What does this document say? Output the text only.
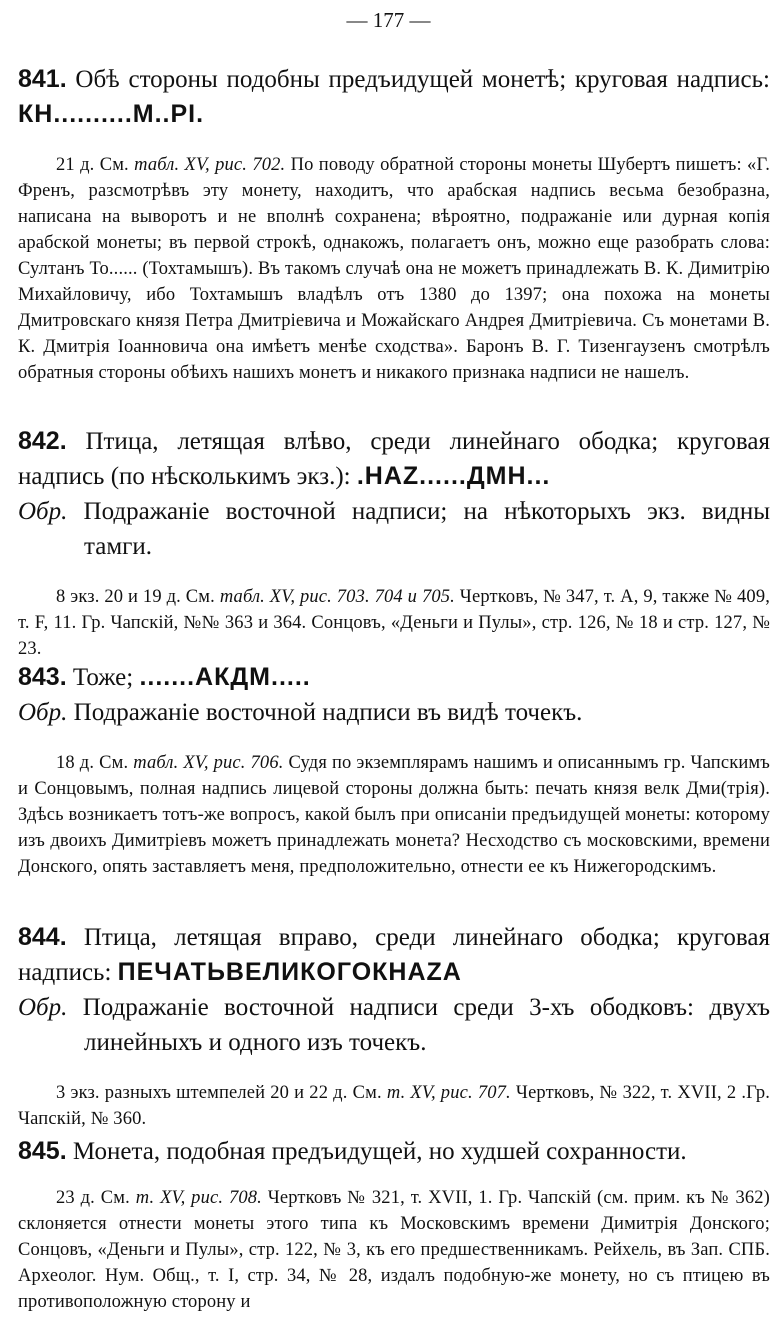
— 177 —

841. Обѣ стороны подобны предъидущей монетѣ; круговая надпись: КН..........М..РІ.

21 д. См. табл. XV, рис. 702. По поводу обратной стороны монеты Шубертъ пишетъ: «Г. Френъ, разсмотрѣвъ эту монету, находитъ, что арабская надпись весьма безобразна, написана на выворотъ и не вполнѣ сохранена; вѣроятно, подражаніе или дурная копія арабской монеты; въ первой строкѣ, однакожъ, полагаетъ онъ, можно еще разобрать слова: Султанъ То...... (Тохтамышъ). Въ такомъ случаѣ она не можетъ принадлежать В. К. Димитрію Михайловичу, ибо Тохтамышъ владѣлъ отъ 1380 до 1397; она похожа на монеты Дмитровскаго князя Петра Дмитріевича и Можайскаго Андрея Дмитріевича. Съ монетами В. К. Дмитрія Іоанновича она имѣетъ менѣе сходства». Баронъ В. Г. Тизенгаузенъ смотрѣлъ обратныя стороны обѣихъ нашихъ монетъ и никакого признака надписи не нашелъ.

842. Птица, летящая влѣво, среди линейнаго ободка; круговая надпись (по нѣсколькимъ экз.): .НАZ......ДМН...

Обр. Подражаніе восточной надписи; на нѣкоторыхъ экз. видны тамги.

8 экз. 20 и 19 д. См. табл. XV, рис. 703. 704 и 705. Чертковъ, № 347, т. А, 9, также № 409, т. F, 11. Гр. Чапскій, №№ 363 и 364. Сонцовъ, «Деньги и Пулы», стр. 126, № 18 и стр. 127, № 23.

843. Тоже; .......АКДМ.....

Обр. Подражаніе восточной надписи въ видѣ точекъ.

18 д. См. табл. XV, рис. 706. Судя по экземплярамъ нашимъ и описаннымъ гр. Чапскимъ и Сонцовымъ, полная надпись лицевой стороны должна быть: печать князя велк Дми(трія). Здѣсь возникаетъ тотъ-же вопросъ, какой былъ при описаніи предъидущей монеты: которому изъ двоихъ Димитріевъ можетъ принадлежать монета? Несходство съ московскими, времени Донского, опять заставляетъ меня, предположительно, отнести ее къ Нижегородскимъ.

844. Птица, летящая вправо, среди линейнаго ободка; круговая надпись: ПЕЧАТЬВЕЛИКОГОКНАZА

Обр. Подражаніе восточной надписи среди 3-хъ ободковъ: двухъ линейныхъ и одного изъ точекъ.

3 экз. разныхъ штемпелей 20 и 22 д. См. т. XV, рис. 707. Чертковъ, № 322, т. XVII, 2 .Гр. Чапскій, № 360.

845. Монета, подобная предъидущей, но худшей сохранности.

23 д. См. т. XV, рис. 708. Чертковъ № 321, т. XVII, 1. Гр. Чапскій (см. прим. къ № 362) склоняется отнести монеты этого типа къ Московскимъ времени Димитрія Донского; Сонцовъ, «Деньги и Пулы», стр. 122, № 3, къ его предшественникамъ. Рейхель, въ Зап. СПБ. Археолог. Нум. Общ., т. I, стр. 34, № 28, издалъ подобную-же монету, но съ птицею въ противоположную сторону и
